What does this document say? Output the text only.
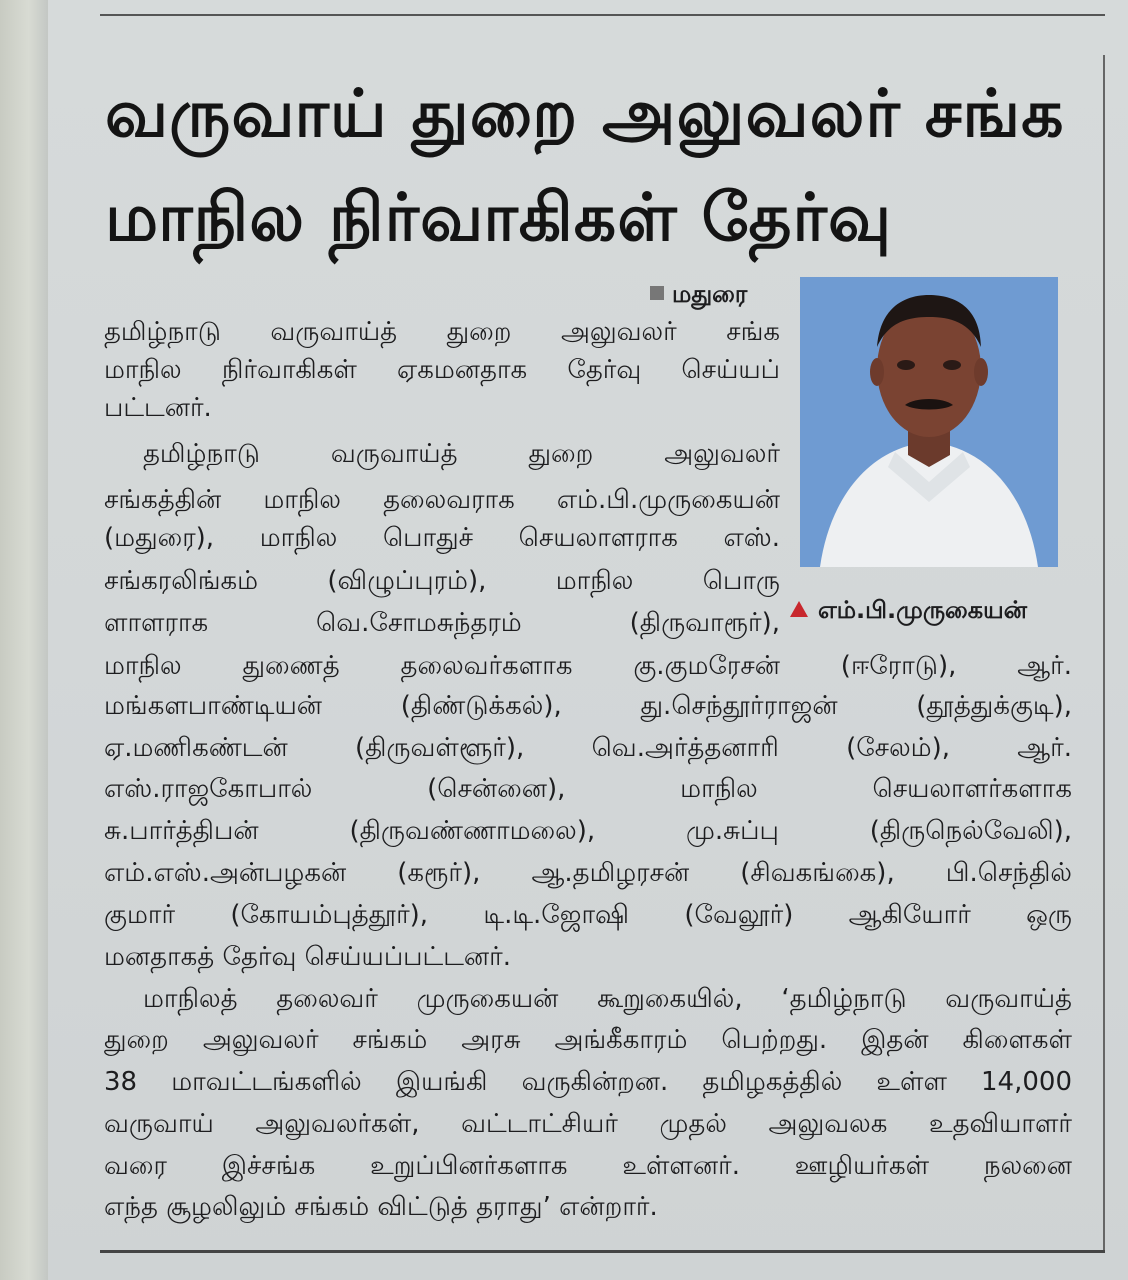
வருவாய் துறை அலுவலர் சங்க
மாநில நிர்வாகிகள் தேர்வு
மதுரை
எம்.பி.முருகையன்
தமிழ்நாடு வருவாய்த் துறை அலுவலர் சங்க
மாநில நிர்வாகிகள் ஏகமனதாக தேர்வு செய்யப்
பட்டனர்.
தமிழ்நாடு வருவாய்த் துறை அலுவலர்
சங்கத்தின் மாநில தலைவராக எம்.பி.முருகையன்
(மதுரை), மாநில பொதுச் செயலாளராக எஸ்.
சங்கரலிங்கம் (விழுப்புரம்), மாநில பொரு
ளாளராக வெ.சோமசுந்தரம் (திருவாரூர்),
மாநில துணைத் தலைவர்களாக கு.குமரேசன் (ஈரோடு), ஆர்.
மங்களபாண்டியன் (திண்டுக்கல்), து.செந்தூர்ராஜன் (தூத்துக்குடி),
ஏ.மணிகண்டன் (திருவள்ளூர்), வெ.அர்த்தனாரி (சேலம்), ஆர்.
எஸ்.ராஜகோபால் (சென்னை), மாநில செயலாளர்களாக
சு.பார்த்திபன் (திருவண்ணாமலை), மு.சுப்பு (திருநெல்வேலி),
எம்.எஸ்.அன்பழகன் (கரூர்), ஆ.தமிழரசன் (சிவகங்கை), பி.செந்தில்
குமார் (கோயம்புத்தூர்), டி.டி.ஜோஷி (வேலூர்) ஆகியோர் ஒரு
மனதாகத் தேர்வு செய்யப்பட்டனர்.
மாநிலத் தலைவர் முருகையன் கூறுகையில், ‘தமிழ்நாடு வருவாய்த்
துறை அலுவலர் சங்கம் அரசு அங்கீகாரம் பெற்றது. இதன் கிளைகள்
38 மாவட்டங்களில் இயங்கி வருகின்றன. தமிழகத்தில் உள்ள 14,000
வருவாய் அலுவலர்கள், வட்டாட்சியர் முதல் அலுவலக உதவியாளர்
வரை இச்சங்க உறுப்பினர்களாக உள்ளனர். ஊழியர்கள் நலனை
எந்த சூழலிலும் சங்கம் விட்டுத் தராது’ என்றார்.
